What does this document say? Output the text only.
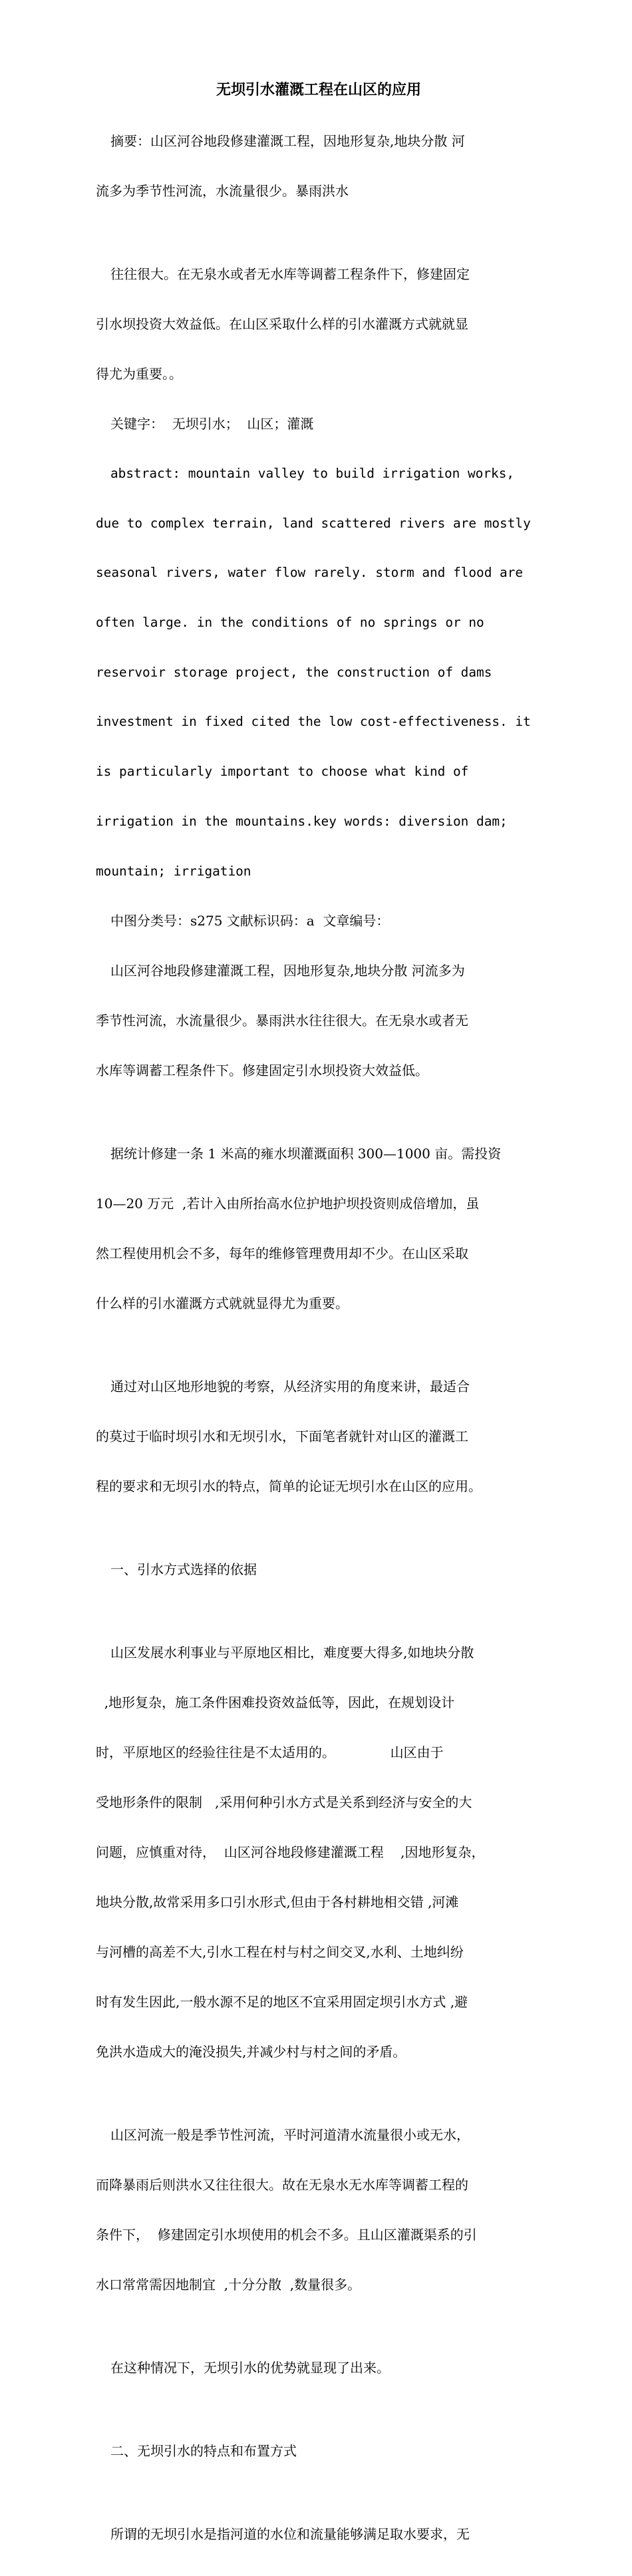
无坝引水灌溉工程在山区的应用

摘要：山区河谷地段修建灌溉工程，因地形复杂,地块分散 河

流多为季节性河流，水流量很少。暴雨洪水

往往很大。在无泉水或者无水库等调蓄工程条件下，修建固定

引水坝投资大效益低。在山区采取什么样的引水灌溉方式就就显

得尤为重要。。

关键字：  无坝引水；  山区；灌溉

abstract: mountain valley to build irrigation works,

due to complex terrain, land scattered rivers are mostly

seasonal rivers, water flow rarely. storm and flood are

often large. in the conditions of no springs or no

reservoir storage project, the construction of dams

investment in fixed cited the low cost-effectiveness. it

is particularly important to choose what kind of

irrigation in the mountains.key words: diversion dam;

mountain; irrigation

中图分类号：s275 文献标识码：a  文章编号：

山区河谷地段修建灌溉工程，因地形复杂,地块分散 河流多为

季节性河流，水流量很少。暴雨洪水往往很大。在无泉水或者无

水库等调蓄工程条件下。修建固定引水坝投资大效益低。

据统计修建一条 1 米高的雍水坝灌溉面积 300—1000 亩。需投资

10—20 万元  ,若计入由所抬高水位护地护坝投资则成倍增加，虽

然工程使用机会不多，每年的维修管理费用却不少。在山区采取

什么样的引水灌溉方式就就显得尤为重要。

通过对山区地形地貌的考察，从经济实用的角度来讲，最适合

的莫过于临时坝引水和无坝引水，下面笔者就针对山区的灌溉工

程的要求和无坝引水的特点，简单的论证无坝引水在山区的应用。

一、引水方式选择的依据

山区发展水利事业与平原地区相比，难度要大得多,如地块分散

,地形复杂，施工条件困难投资效益低等，因此，在规划设计

时，平原地区的经验往往是不太适用的。             山区由于

受地形条件的限制   ,采用何种引水方式是关系到经济与安全的大

问题，应慎重对待，  山区河谷地段修建灌溉工程    ,因地形复杂，

地块分散,故常采用多口引水形式,但由于各村耕地相交错 ,河滩

与河槽的高差不大,引水工程在村与村之间交叉,水利、土地纠纷

时有发生因此,一般水源不足的地区不宜采用固定坝引水方式 ,避

免洪水造成大的淹没损失,并减少村与村之间的矛盾。

山区河流一般是季节性河流，平时河道清水流量很小或无水，

而降暴雨后则洪水又往往很大。故在无泉水无水库等调蓄工程的

条件下，  修建固定引水坝使用的机会不多。且山区灌溉渠系的引

水口常常需因地制宜  ,十分分散  ,数量很多。

在这种情况下，无坝引水的优势就显现了出来。

二、无坝引水的特点和布置方式

所谓的无坝引水是指河道的水位和流量能够满足取水要求，无
